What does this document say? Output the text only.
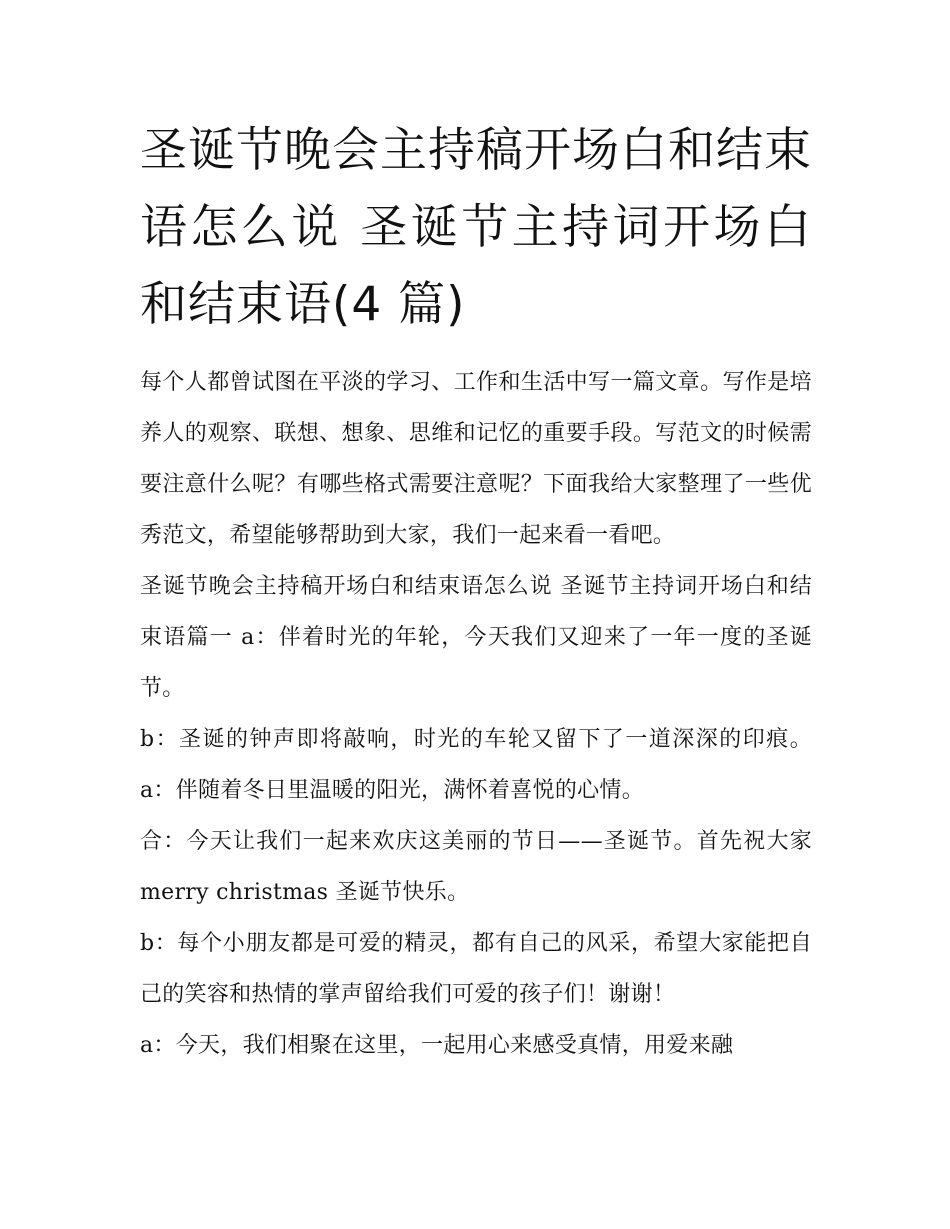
圣诞节晚会主持稿开场白和结束语怎么说 圣诞节主持词开场白和结束语(4 篇)

每个人都曾试图在平淡的学习、工作和生活中写一篇文章。写作是培养人的观察、联想、想象、思维和记忆的重要手段。写范文的时候需要注意什么呢？有哪些格式需要注意呢？下面我给大家整理了一些优秀范文，希望能够帮助到大家，我们一起来看一看吧。

圣诞节晚会主持稿开场白和结束语怎么说 圣诞节主持词开场白和结束语篇一 a：伴着时光的年轮，今天我们又迎来了一年一度的圣诞节。

b：圣诞的钟声即将敲响，时光的车轮又留下了一道深深的印痕。 a：伴随着冬日里温暖的阳光，满怀着喜悦的心情。

合：今天让我们一起来欢庆这美丽的节日——圣诞节。首先祝大家 merry christmas 圣诞节快乐。

b：每个小朋友都是可爱的精灵，都有自己的风采，希望大家能把自己的笑容和热情的掌声留给我们可爱的孩子们！谢谢！

a：今天，我们相聚在这里，一起用心来感受真情，用爱来融
